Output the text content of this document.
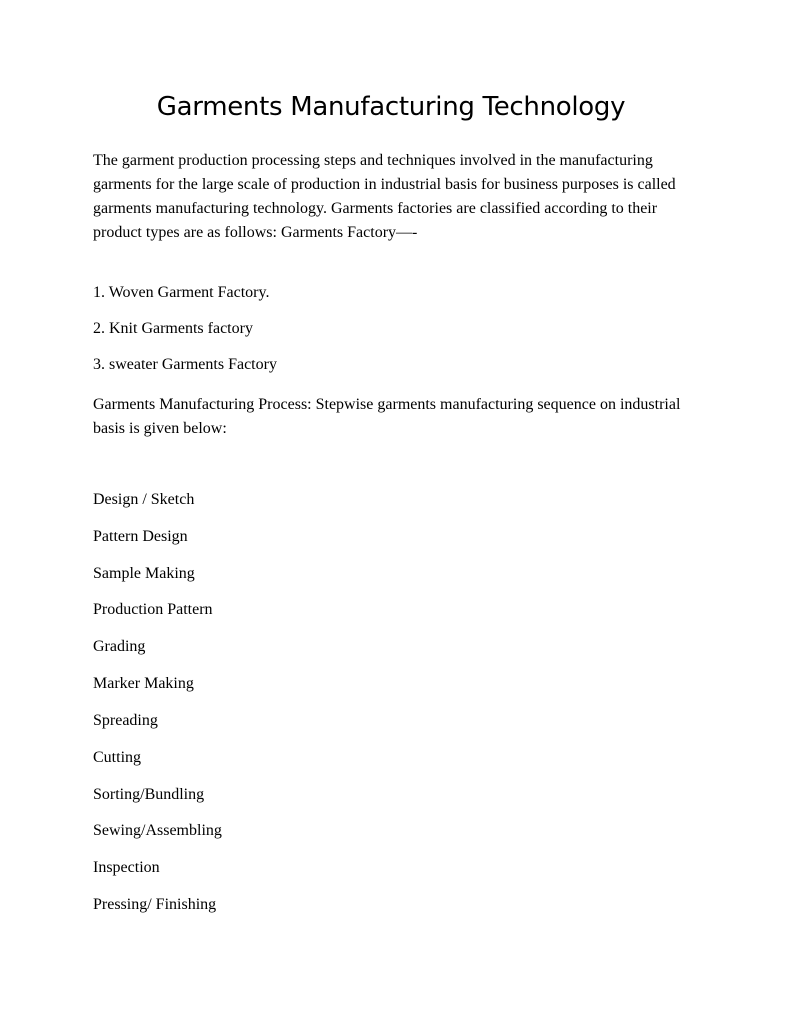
Garments Manufacturing Technology

The garment production processing steps and techniques involved in the manufacturing garments for the large scale of production in industrial basis for business purposes is called garments manufacturing technology. Garments factories are classified according to their product types are as follows: Garments Factory—-

1. Woven Garment Factory.

2. Knit Garments factory

3. sweater Garments Factory

Garments Manufacturing Process: Stepwise garments manufacturing sequence on industrial basis is given below:

Design / Sketch
Pattern Design
Sample Making
Production Pattern
Grading
Marker Making
Spreading
Cutting
Sorting/Bundling
Sewing/Assembling
Inspection
Pressing/ Finishing
